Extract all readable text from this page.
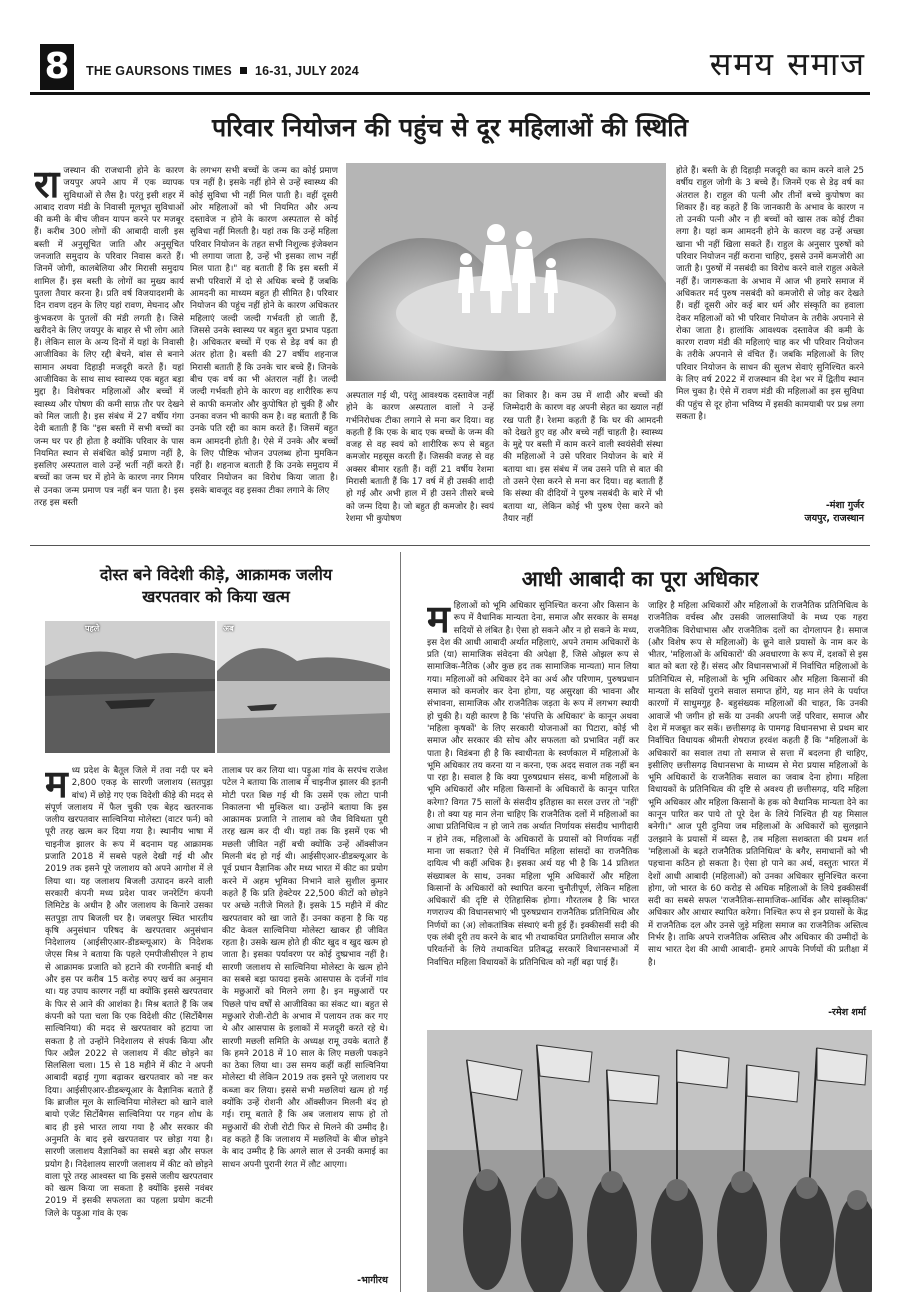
8	THE GAURSONS TIMES 16-31, JULY 2024	समय समाज
परिवार नियोजन की पहुंच से दूर महिलाओं की स्थिति
रा जस्थान की राजधानी होने के कारण जयपुर अपने आप में एक व्यापक सुविधाओं से लैस है। परंतु इसी शहर में आबाद रावण मंडी के निवासी मूलभूत सुविधाओं की कमी के बीच जीवन यापन करने पर मजबूर हैं। करीब 300 लोगों की आबादी वाली इस बस्ती में अनुसूचित जाति और अनुसूचित जनजाति समुदाय के परिवार निवास करते हैं। जिनमें जोगी, कालबेलिया और मिरासी समुदाय शामिल हैं। इस बस्ती के लोगों का मुख्य कार्य पुतला तैयार करना है। प्रति वर्ष विजयादशमी के दिन रावण दहन के लिए यहां रावण, मेघनाद और कुंभकरण के पुतलों की मंडी लगती है। जिसे खरीदने के लिए जयपुर के बाहर से भी लोग आते हैं। लेकिन साल के अन्य दिनों में यहां के निवासी आजीविका के लिए रद्दी बेचने, बांस से बनाने सामान अथवा दिहाड़ी मजदूरी करते हैं। यहां आजीविका के साथ साथ स्वास्थ्य एक बहुत बड़ा मुद्दा है। विशेषकर महिलाओं और बच्चों में स्वास्थ्य और पोषण की कमी साफ़ तौर पर देखने को मिल जाती है। इस संबंध में 27 वर्षीय गंगा देवी बताती हैं कि "इस बस्ती में सभी बच्चों का जन्म घर पर ही होता है क्योंकि परिवार के पास नियमित स्थान से संबंधित कोई प्रमाण नहीं है, इसलिए अस्पताल वाले उन्हें भर्ती नहीं करते हैं। बच्चों का जन्म घर में होने के कारण नगर निगम से उनका जन्म प्रमाण पत्र नहीं बन पाता है। इस तरह इस बस्ती
के लगभग सभी बच्चों के जन्म का कोई प्रमाण पत्र नहीं है। इसके नहीं होने से उन्हें स्वास्थ्य की कोई सुविधा भी नहीं मिल पाती है। वहीं दूसरी ओर महिलाओं को भी नियमित और अन्य दस्तावेज न होने के कारण अस्पताल से कोई सुविधा नहीं मिलती है। यहां तक कि उन्हें महिला परिवार नियोजन के तहत सभी निशुल्क इंजेक्शन भी लगाया जाता है, उन्हें भी इसका लाभ नहीं मिल पाता है।" वह बताती हैं कि इस बस्ती में सभी परिवारों में दो से अधिक बच्चे हैं जबकि आमदनी का माध्यम बहुत ही सीमित है। परिवार नियोजन की पहुंच नहीं होने के कारण अधिकतर महिलाएं जल्दी जल्दी गर्भवती हो जाती हैं, जिससे उनके स्वास्थ्य पर बहुत बुरा प्रभाव पड़ता है। अधिकतर बच्चों में एक से डेढ़ वर्ष का ही अंतर होता है। बस्ती की 27 वर्षीय शहनाज मिरासी बताती हैं कि उनके चार बच्चे हैं। जिनके बीच एक वर्ष का भी अंतराल नहीं है। जल्दी जल्दी गर्भवती होने के कारण वह शारीरिक रूप से काफी कमजोर और कुपोषित हो चुकी हैं और उनका वजन भी काफी कम है। वह बताती हैं कि उनके पति रद्दी का काम करते हैं। जिसमें बहुत कम आमदनी होती है। ऐसे में उनके और बच्चों के लिए पौष्टिक भोजन उपलब्ध होना मुमकिन नहीं है। शहनाज बताती हैं कि उनके समुदाय में परिवार नियोजन का विरोध किया जाता है। इसके बावजूद वह इसका टीका लगाने के लिए
अस्पताल गई थी, परंतु आवश्यक दस्तावेज नहीं होने के कारण अस्पताल वालों ने उन्हें गर्भनिरोधक टीका लगाने से मना कर दिया। वह कहती हैं कि एक के बाद एक बच्चों के जन्म की वजह से वह स्वयं को शारीरिक रूप से बहुत कमजोर महसूस करती हैं। जिसकी वजह से वह अक्सर बीमार रहती हैं। वहीं 21 वर्षीय रेशमा मिरासी बताती हैं कि 17 वर्ष में ही उसकी शादी हो गई और अभी हाल में ही उसने तीसरे बच्चे को जन्म दिया है। जो बहुत ही कमजोर है। स्वयं रेशमा भी कुपोषण
का शिकार है। कम उम्र में शादी और बच्चों की जिम्मेदारी के कारण वह अपनी सेहत का ख्याल नहीं रख पाती हैं। रेशमा कहती हैं कि घर की आमदनी को देखते हुए वह और बच्चे नहीं चाहती है। स्वास्थ्य के मुद्दे पर बस्ती में काम करने वाली स्वयंसेवी संस्था की महिलाओं ने उसे परिवार नियोजन के बारे में बताया था। इस संबंध में जब उसने पति से बात की तो उसने ऐसा करने से मना कर दिया। वह बताती हैं कि संस्था की दीदियों ने पुरुष नसबंदी के बारे में भी बताया था, लेकिन कोई भी पुरुष ऐसा करने को तैयार नहीं
होते हैं। बस्ती के ही दिहाड़ी मजदूरी का काम करने वाले 25 वर्षीय राहुल जोगी के 3 बच्चे हैं। जिनमें एक से डेढ़ वर्ष का अंतराल है। राहुल की पत्नी और तीनों बच्चे कुपोषण का शिकार हैं। वह कहते हैं कि जानकारी के अभाव के कारण न तो उनकी पत्नी और न ही बच्चों को खास तक कोई टीका लगा है। यहां कम आमदनी होने के कारण वह उन्हें अच्छा खाना भी नहीं खिला सकते हैं। राहुल के अनुसार पुरुषों को परिवार नियोजन नहीं कराना चाहिए, इससे उनमें कमजोरी आ जाती है। पुरुषों में नसबंदी का विरोध करने वाले राहुल अकेले नहीं हैं। जागरूकता के अभाव में आज भी हमारे समाज में अधिकतर मर्द पुरुष नसबंदी को कमजोरी से जोड़ कर देखते हैं। वहीं दूसरी ओर कई बार धर्म और संस्कृति का हवाला देकर महिलाओं को भी परिवार नियोजन के तरीके अपनाने से रोका जाता है। हालांकि आवश्यक दस्तावेज की कमी के कारण रावण मंडी की महिलाएं चाह कर भी परिवार नियोजन के तरीके अपनाने से वंचित हैं। जबकि महिलाओं के लिए परिवार नियोजन के साधन की सुलभ सेवाएं सुनिश्चित करने के लिए वर्ष 2022 में राजस्थान की देश भर में द्वितीय स्थान मिल चुका है। ऐसे में रावण मंडी की महिलाओं का इस सुविधा की पहुंच से दूर होना भविष्य में इसकी कामयाबी पर प्रश्न लगा सकता है।
-मंशा गुर्जर
जयपुर, राजस्थान
दोस्त बने विदेशी कीड़े, आक्रामक जलीय
खरपतवार को किया खत्म
पहले	अब
म ध्य प्रदेश के बैतूल जिले में तवा नदी पर बने 2,800 एकड़ के सारणी जलाशय (सतपुड़ा बांध) में छोड़े गए एक विदेशी कीड़े की मदद से संपूर्ण जलाशय में फैल चुकी एक बेहद खतरनाक जलीय खरपतवार साल्विनिया मोलेस्टा (वाटर फर्न) को पूरी तरह खत्म कर दिया गया है। स्थानीय भाषा में चाइनीज झालर के रूप में बदनाम यह आक्रामक प्रजाति 2018 में सबसे पहले देखी गई थी और 2019 तक इसने पूरे जलाशय को अपने आगोश में ले लिया था। यह जलाशय बिजली उत्पादन करने वाली सरकारी कंपनी मध्य प्रदेश पावर जनरेटिंग कंपनी लिमिटेड के अधीन है और जलाशय के किनारे उसका सतपुड़ा ताप बिजली घर है। जबलपुर स्थित भारतीय कृषि अनुसंधान परिषद के खरपतवार अनुसंधान निदेशालय (आईसीएआर-डीडब्ल्यूआर) के निदेशक जेएस मिश्र ने बताया कि पहले एमपीजीसीएल ने हाथ से आक्रामक प्रजाति को हटाने की रणनीति बनाई थी और इस पर करीब 15 करोड़ रुपए खर्च का अनुमान था। यह उपाय कारगर नहीं था क्योंकि इससे खरपतवार के फिर से आने की आशंका है। मिश्र बताते हैं कि जब कंपनी को पता चला कि एक विदेशी कीट (सिर्टोबैगस साल्विनिया) की मदद से खरपतवार को हटाया जा सकता है तो उन्होंने निदेशालय से संपर्क किया और फिर अप्रैल 2022 से जलाशय में कीट छोड़ने का सिलसिला चला। 15 से 18 महीने में कीट ने अपनी आबादी बढ़ाई गुणा बढ़ाकर खरपतवार को नष्ट कर दिया। आईसीएआर-डीडब्ल्यूआर के वैज्ञानिक बताते हैं कि ब्राजील मूल के साल्विनिया मोलेस्टा को खाने वाले बायो एजेंट सिर्टोबैगस साल्विनिया पर गहन शोध के बाद ही इसे भारत लाया गया है और सरकार की अनुमति के बाद इसे खरपतवार पर छोड़ा गया है। सारणी जलाशय वैज्ञानिकों का सबसे बड़ा और सफल प्रयोग है। निदेशालय सारणी जलाशय में कीट को छोड़ने वाला पूरे तरह आश्वस्त था कि इससे जलीय खरपतवार को खत्म किया जा सकता है क्योंकि इससे नवंबर 2019 में इसकी सफलता का पहला प्रयोग कटनी जिले के पड़ुआ गांव के एक
तालाब पर कर लिया था। पड़ुआ गांव के सरपंच राजेश पटेल ने बताया कि तालाब में चाइनीज झालर की इतनी मोटी परत बिछ गई थी कि उसमें एक लोटा पानी निकालना भी मुश्किल था। उन्होंने बताया कि इस आक्रामक प्रजाति ने तालाब को जैव विविधता पूरी तरह खत्म कर दी थी। यहां तक कि इसमें एक भी मछली जीवित नहीं बची क्योंकि उन्हें ऑक्सीजन मिलनी बंद हो गई थी। आईसीएआर-डीडब्ल्यूआर के पूर्व प्रधान वैज्ञानिक और मध्य भारत में कीट का प्रयोग करने में अहम भूमिका निभाने वाले सुशील कुमार कहते हैं कि प्रति हेक्टेयर 22,500 कीटों को छोड़ने पर अच्छे नतीजे मिलते हैं। इसके 15 महीने में कीट खरपतवार को खा जाते हैं। उनका कहना है कि यह कीट केवल साल्विनिया मोलेस्टा खाकर ही जीवित रहता है। उसके खत्म होते ही कीट खुद व खुद खत्म हो जाता है। इसका पर्यावरण पर कोई दुष्प्रभाव नहीं है। सारणी जलाशय से साल्विनिया मोलेस्टा के खत्म होने का सबसे बड़ा फायदा इसके आसपास के दर्जनों गांव के मछुआरों को मिलने लगा है। इन मछुआरों पर पिछले पांच वर्षों से आजीविका का संकट था। बहुत से मछुआरे रोजी-रोटी के अभाव में पलायन तक कर गए थे और आसपास के इलाकों में मजदूरी करते रहे थे। सारणी मछली समिति के अध्यक्ष रामू उयके बताते हैं कि हमने 2018 में 10 साल के लिए मछली पकड़ने का ठेका लिया था। उस समय कहीं कहीं साल्विनिया मोलेस्टा थी लेकिन 2019 तक इसने पूरे जलाशय पर कब्जा कर लिया। इससे सभी मछलियां खत्म हो गई क्योंकि उन्हें रोशनी और ऑक्सीजन मिलनी बंद हो गई। रामू बताते हैं कि अब जलाशय साफ हो तो मछुआरों की रोजी रोटी फिर से मिलने की उम्मीद है। वह कहते हैं कि जलाशय में मछलियों के बीज छोड़ने के बाद उम्मीद है कि अगले साल से उनकी कमाई का साधन अपनी पुरानी रंगत में लौट आएगा।
-भागीरथ
आधी आबादी का पूरा अधिकार
म हिलाओं को भूमि अधिकार सुनिश्चित करना और किसान के रूप में वैधानिक मान्यता देना, समाज और सरकार के समक्ष सदियों से लंबित है। ऐसा हो सकने और न हो सकने के मध्य, इस देश की आधी आबादी अर्थात महिलाएं, अपने तमाम अधिकारों के प्रति (या) सामाजिक संवेदना की अपेक्षा हैं, जिसे ओझल रूप से सामाजिक-नैतिक (और कुछ हद तक सामाजिक मान्यता) मान लिया गया। महिलाओं को अधिकार देने का अर्थ और परिणाम, पुरुषप्रधान समाज को कमजोर कर देना होगा, यह असुरक्षा की भावना और संभावना, सामाजिक और राजनैतिक जड़ता के रूप में लगभग स्थायी हो चुकी है। यही कारण है कि 'संपत्ति के अधिकार' के कानून अथवा 'महिला कृषकों' के लिए सरकारी योजनाओं का पिटारा, कोई भी समाज और सरकार की सोच और सफलता को प्रभावित नहीं कर पाता है। विडंबना ही है कि स्वाधीनता के स्वर्णकाल में महिलाओं के भूमि अधिकार तय करना या न करना, एक अदद सवाल तक नहीं बन पा रहा है। सवाल है कि क्या पुरुषप्रधान संसद, कभी महिलाओं के भूमि अधिकारों और महिला किसानों के अधिकारों के कानून पारित करेगा? विगत 75 सालों के संसदीय इतिहास का सरल उत्तर तो 'नहीं' है। तो क्या यह मान लेना चाहिए कि राजनैतिक दलों में महिलाओं का आधा प्रतिनिधित्व न हो जाने तक अर्थात निर्णायक संसदीय भागीदारी न होने तक, महिलाओं के अधिकारों के प्रयासों को निर्णायक नहीं माना जा सकता? ऐसे में निर्वाचित महिला सांसदों का राजनैतिक दायित्व भी कहीं अधिक है। इसका अर्थ यह भी है कि 14 प्रतिशत संख्याबल के साथ, उनका महिला भूमि अधिकारों और महिला किसानों के अधिकारों को स्थापित करना चुनौतीपूर्ण, लेकिन महिला अधिकारों की दृष्टि से ऐतिहासिक होगा। गौरतलब है कि भारत गणराज्य की विधानसभाएं भी पुरुषप्रधान राजनैतिक प्रतिनिधित्व और निर्णयों का (अ) लोकतांत्रिक संस्थाएं बनी हुई हैं। इक्कीसवीं सदी की एक लंबी दूरी तय करने के बाद भी तथाकथित प्रगतिशील समाज और परिवर्तनों के लिये तथाकथित प्रतिबद्ध सरकारें विधानसभाओं में निर्वाचित महिला विधायकों के प्रतिनिधित्व को नहीं बढ़ा पाई हैं।
जाहिर है महिला अधिकारों और महिलाओं के राजनैतिक प्रतिनिधित्व के राजनैतिक वर्चस्व और उसकी जालसाजियों के मध्य एक गहरा राजनैतिक विरोधाभास और राजनैतिक दलों का दोगलापन है। समाज (और विशेष रूप से महिलाओं) के छूने वाले प्रयासों के नाम कर के भीतर, 'महिलाओं के अधिकारों' की अवधारणा के रूप में, दशकों से इस बात को बता रहे हैं। संसद और विधानसभाओं में निर्वाचित महिलाओं के प्रतिनिधित्व से, महिलाओं के भूमि अधिकार और महिला किसानों की मान्यता के सवियों पुराने सवाल समाप्त होंगे, यह मान लेने के पर्याप्त कारणों में साधुमगुह है- बहुसंख्यक महिलाओं की चाहत, कि उनकी आवाजें भी जगीन हो सकें या उनकी अपनी जड़ें परिवार, समाज और देश में मजबूत कर सकें। छत्तीसगढ़ के पामगढ़ विधानसभा से प्रथम बार निर्वाचित विधायक श्रीमती शेषराज हरवंश कहती हैं कि "महिलाओं के अधिकारों का सवाल तथा तो समाज से सत्ता में बदलना ही चाहिए, इसीलिए छत्तीसगढ़ विधानसभा के माध्यम से मेरा प्रयास महिलाओं के भूमि अधिकारों के राजनैतिक सवाल का जवाब देना होगा। महिला विधायकों के प्रतिनिधित्व की दृष्टि से अवश्य ही छत्तीसगढ़, यदि महिला भूमि अधिकार और महिला किसानों के हक को वैधानिक मान्यता देने का कानून पारित कर पाये तो पूरे देश के लिये निश्चित ही यह मिसाल बनेगी।" आज पूरी दुनिया जब महिलाओं के अधिकारों को सुलझाने उलझाने के प्रयासों में व्यस्त है, तब महिला सशक्तता की प्रथम शर्त 'महिलाओं के बढ़ते राजनैतिक प्रतिनिधित्व' के बगैर, समाधानों को भी पहचाना कठिन हो सकता है। ऐसा हो पाने का अर्थ, वस्तुतः भारत में देशों आधी आबादी (महिलाओं) को उनका अधिकार सुनिश्चित करना होगा, जो भारत के 60 करोड़ से अधिक महिलाओं के लिये इक्कीसवीं सदी का सबसे सफल 'राजनैतिक-सामाजिक-आर्थिक और सांस्कृतिक' अधिकार और आधार स्थापित करेगा। निश्चित रूप से इन प्रयासों के केंद्र में राजनैतिक दल और उनसे जुड़े महिला समाज का राजनैतिक अस्तित्व निर्भर है। ताकि अपने राजनैतिक अस्तित्व और अधिकार की उम्मीदों के साथ भारत देश की आधी आबादी- हमारे आपके निर्णयों की प्रतीक्षा में है।
-रमेश शर्मा
